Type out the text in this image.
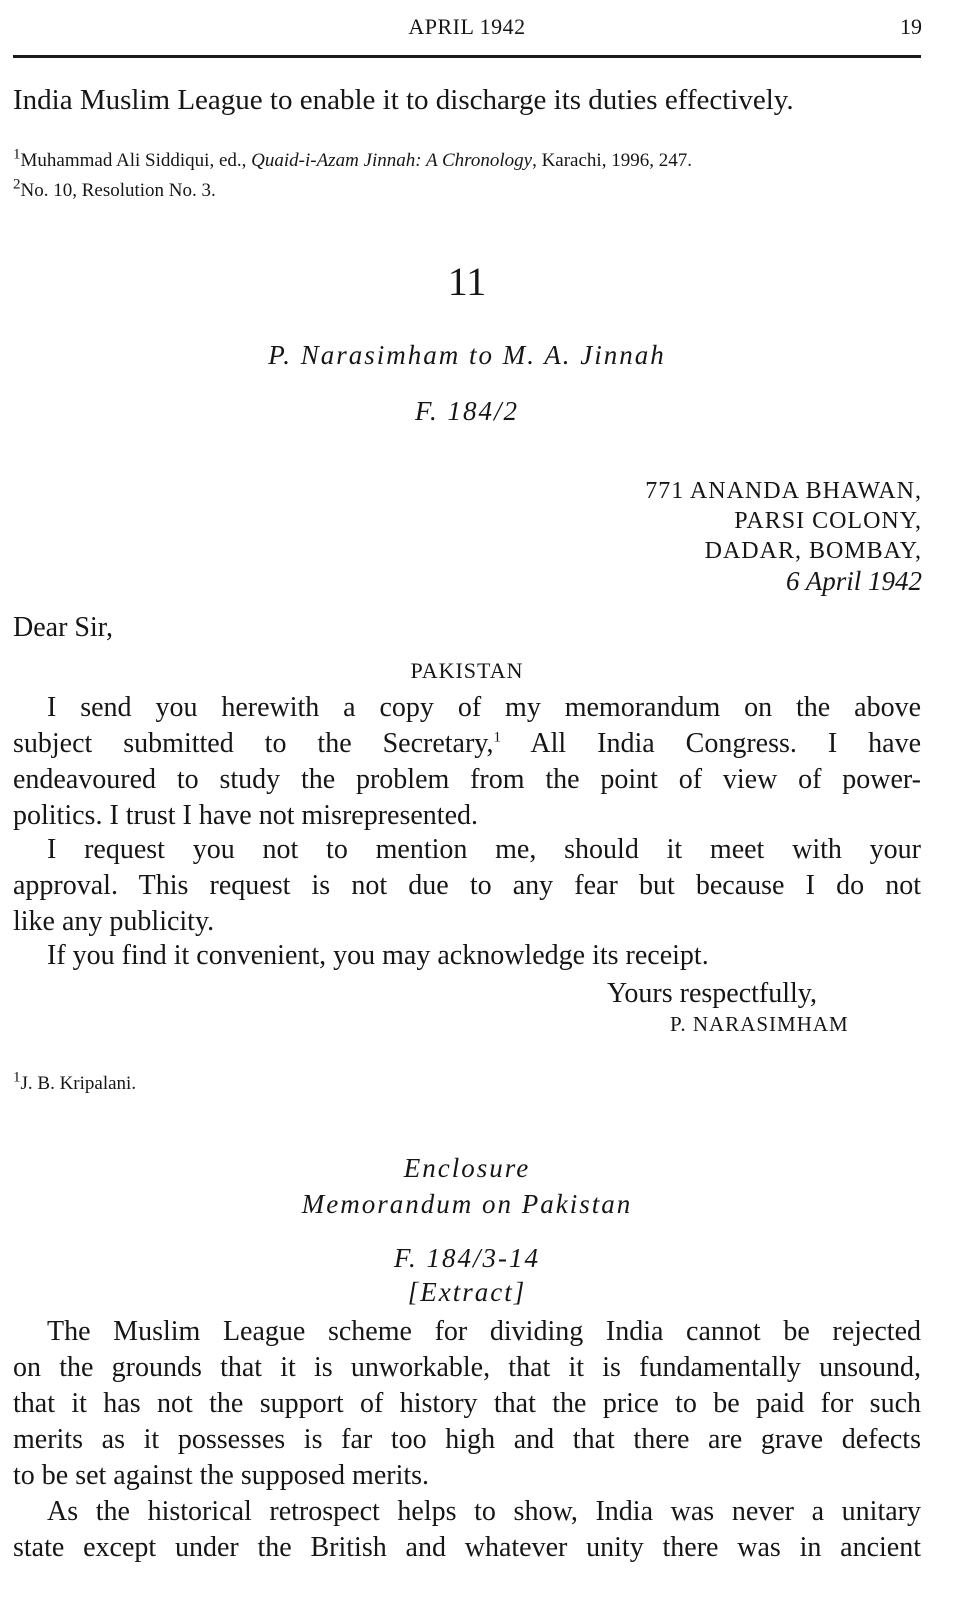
APRIL 1942	19
India Muslim League to enable it to discharge its duties effectively.
$^1$Muhammad Ali Siddiqui, ed., Quaid-i-Azam Jinnah: A Chronology, Karachi, 1996, 247.
$^2$No. 10, Resolution No. 3.
11
P. Narasimham to M. A. Jinnah
F. 184/2
771 ANANDA BHAWAN,
PARSI COLONY,
DADAR, BOMBAY,
6 April 1942
Dear Sir,
PAKISTAN
I send you herewith a copy of my memorandum on the above
subject submitted to the Secretary,$^1$ All India Congress. I have
endeavoured to study the problem from the point of view of power-
politics. I trust I have not misrepresented.
I request you not to mention me, should it meet with your
approval. This request is not due to any fear but because I do not
like any publicity.
If you find it convenient, you may acknowledge its receipt.
Yours respectfully,
P. NARASIMHAM
$^1$J. B. Kripalani.
Enclosure
Memorandum on Pakistan
F. 184/3-14
[Extract]
The Muslim League scheme for dividing India cannot be rejected
on the grounds that it is unworkable, that it is fundamentally unsound,
that it has not the support of history that the price to be paid for such
merits as it possesses is far too high and that there are grave defects
to be set against the supposed merits.
As the historical retrospect helps to show, India was never a unitary
state except under the British and whatever unity there was in ancient
